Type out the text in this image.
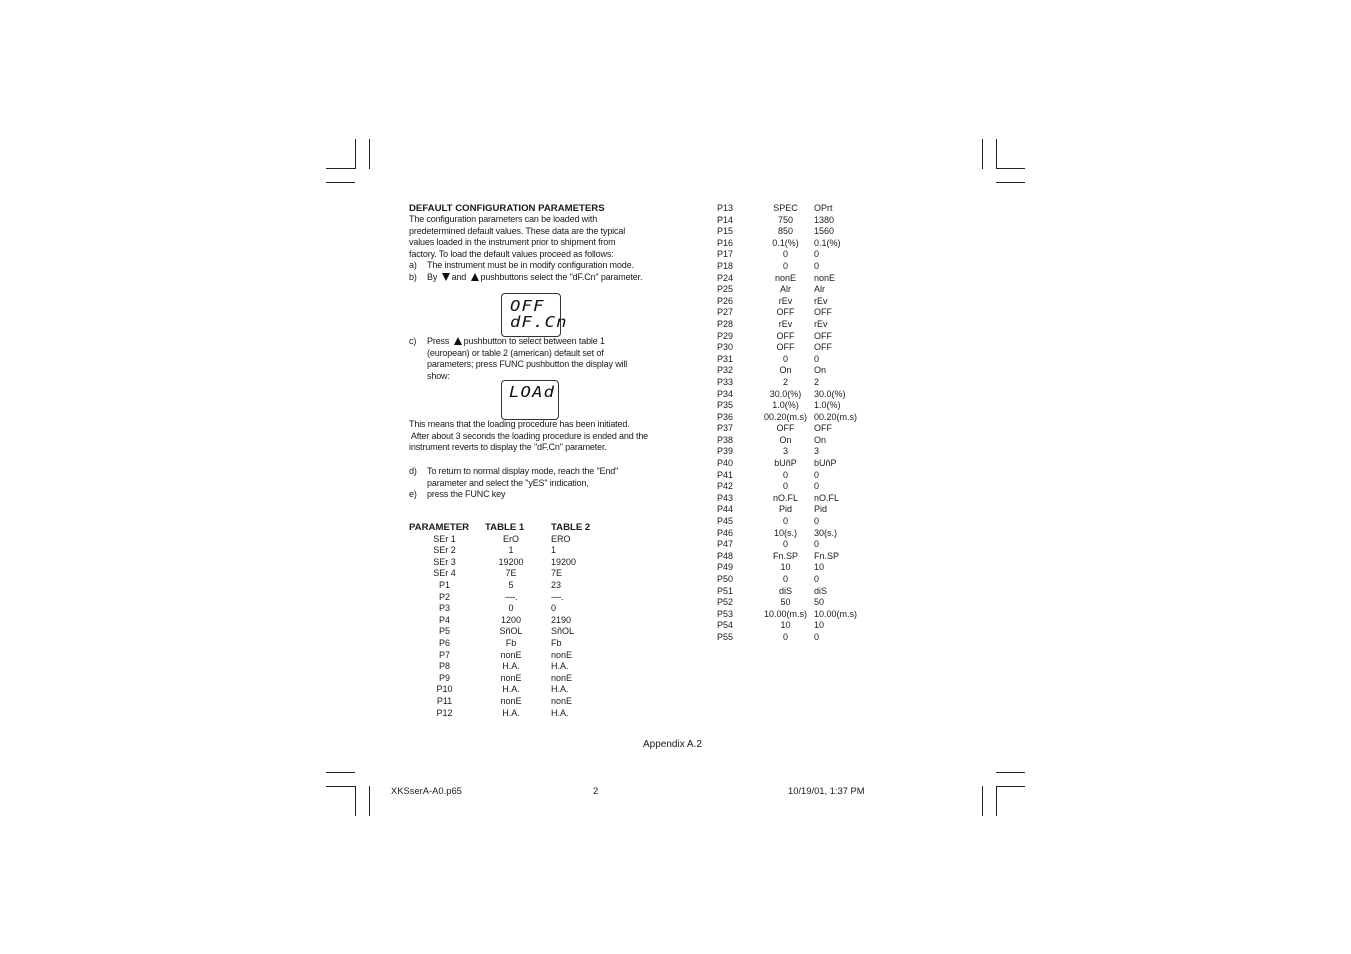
DEFAULT CONFIGURATION PARAMETERS
The configuration parameters can be loaded with
predetermined default values. These data are the typical
values loaded in the instrument prior to shipment from
factory. To load the default values proceed as follows:
a) The instrument must be in modify configuration mode.
b) By and pushbuttons select the "dF.Cn" parameter.
OFF
dF.Cn
c) Press pushbutton to select between table 1
(european) or table 2 (american) default set of
parameters; press FUNC pushbutton the display will
show:
LOAd
This means that the loading procedure has been initiated.
After about 3 seconds the loading procedure is ended and the
instrument reverts to display the "dF.Cn" parameter.
d) To return to normal display mode, reach the "End"
parameter and select the "yES" indication,
e) press the FUNC key
PARAMETER	TABLE 1	TABLE 2
SEr 1	ErO	ERO
SEr 2	1	1
SEr 3	19200	19200
SEr 4	7E	7E
P1	5	23
P2	----.	----.
P3	0	0
P4	1200	2190
P5	SñOL	SñOL
P6	Fb	Fb
P7	nonE	nonE
P8	H.A.	H.A.
P9	nonE	nonE
P10	H.A.	H.A.
P11	nonE	nonE
P12	H.A.	H.A.
P13	SPEC	OPrt
P14	750	1380
P15	850	1560
P16	0.1(%)	0.1(%)
P17	0	0
P18	0	0
P24	nonE	nonE
P25	Alr	Alr
P26	rEv	rEv
P27	OFF	OFF
P28	rEv	rEv
P29	OFF	OFF
P30	OFF	OFF
P31	0	0
P32	On	On
P33	2	2
P34	30.0(%)	30.0(%)
P35	1.0(%)	1.0(%)
P36	00.20(m.s)	00.20(m.s)
P37	OFF	OFF
P38	On	On
P39	3	3
P40	bUñP	bUñP
P41	0	0
P42	0	0
P43	nO.FL	nO.FL
P44	Pid	Pid
P45	0	0
P46	10(s.)	30(s.)
P47	0	0
P48	Fn.SP	Fn.SP
P49	10	10
P50	0	0
P51	diS	diS
P52	50	50
P53	10.00(m.s)	10.00(m.s)
P54	10	10
P55	0	0
Appendix A.2
XKSserA-A0.p65	2	10/19/01, 1:37 PM
